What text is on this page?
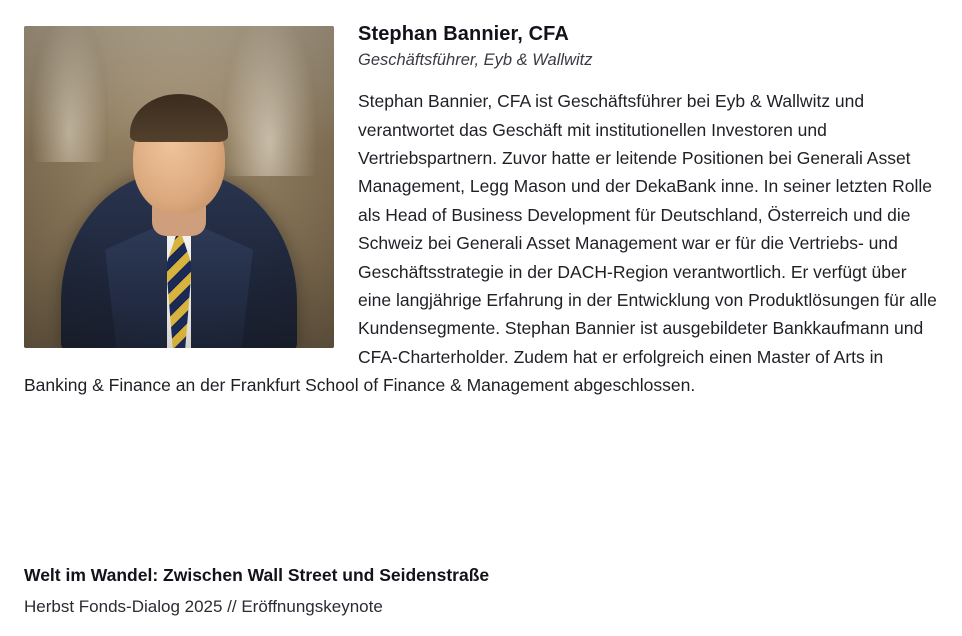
Stephan Bannier, CFA
Geschäftsführer, Eyb & Wallwitz

Stephan Bannier, CFA ist Geschäftsführer bei Eyb & Wallwitz und verantwortet das Geschäft mit institutionellen Investoren und Vertriebspartnern. Zuvor hatte er leitende Positionen bei Generali Asset Management, Legg Mason und der DekaBank inne. In seiner letzten Rolle als Head of Business Development für Deutschland, Österreich und die Schweiz bei Generali Asset Management war er für die Vertriebs- und Geschäftsstrategie in der DACH-Region verantwortlich. Er verfügt über eine langjährige Erfahrung in der Entwicklung von Produktlösungen für alle Kundensegmente. Stephan Bannier ist ausgebildeter Bankkaufmann und CFA-Charterholder. Zudem hat er erfolgreich einen Master of Arts in Banking & Finance an der Frankfurt School of Finance & Management abgeschlossen.

Welt im Wandel: Zwischen Wall Street und Seidenstraße
Herbst Fonds-Dialog 2025 // Eröffnungskeynote
